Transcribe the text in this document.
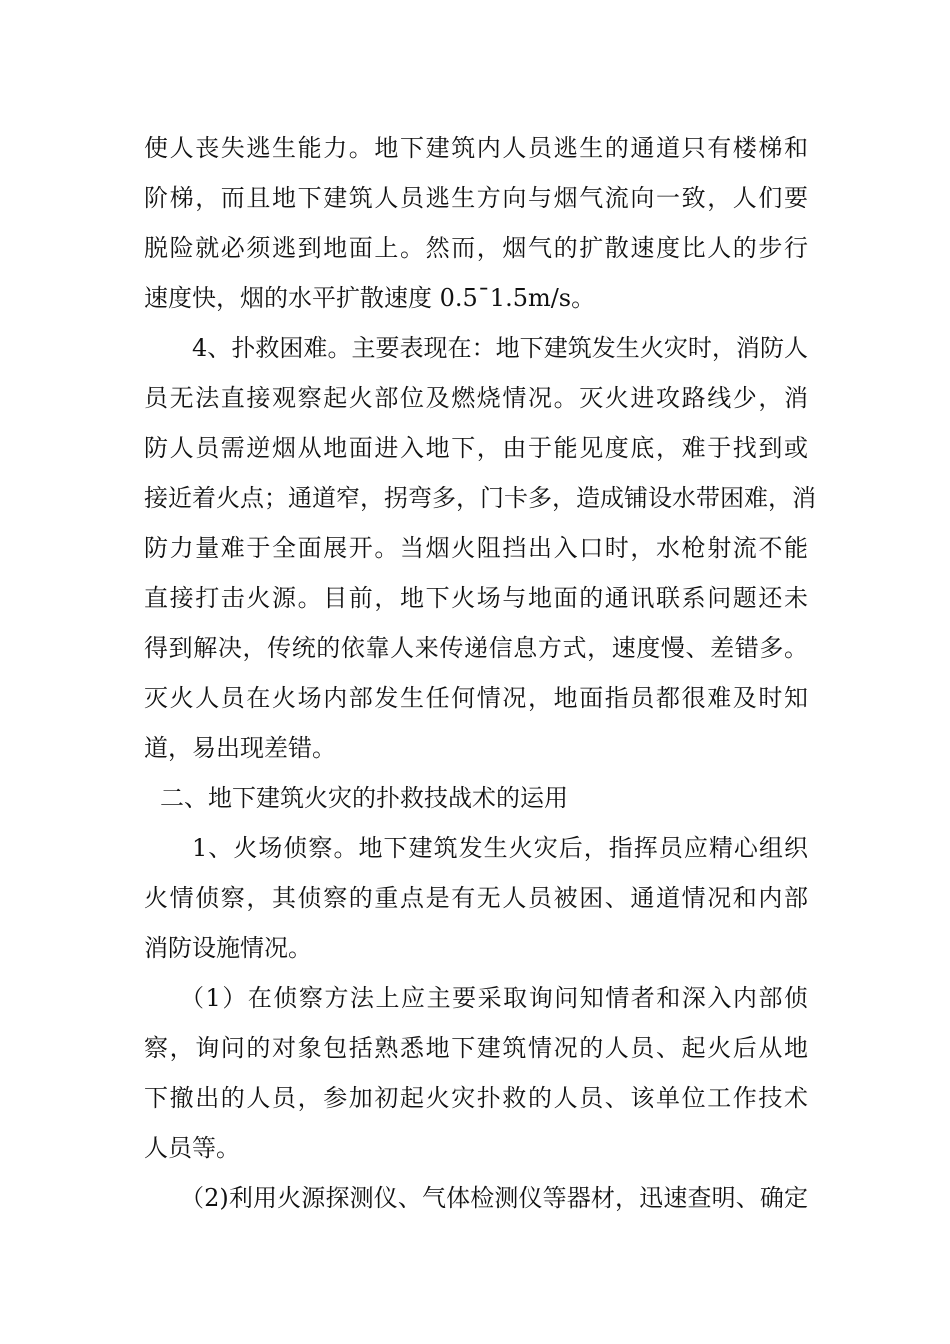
使人丧失逃生能力。地下建筑内人员逃生的通道只有楼梯和
阶梯，而且地下建筑人员逃生方向与烟气流向一致，人们要
脱险就必须逃到地面上。然而，烟气的扩散速度比人的步行
速度快，烟的水平扩散速度 0.5¯1.5m/s。
4、扑救困难。主要表现在：地下建筑发生火灾时，消防人
员无法直接观察起火部位及燃烧情况。灭火进攻路线少，消
防人员需逆烟从地面进入地下，由于能见度底，难于找到或
接近着火点；通道窄，拐弯多，门卡多，造成铺设水带困难，消
防力量难于全面展开。当烟火阻挡出入口时，水枪射流不能
直接打击火源。目前，地下火场与地面的通讯联系问题还未
得到解决，传统的依靠人来传递信息方式，速度慢、差错多。
灭火人员在火场内部发生任何情况，地面指员都很难及时知
道，易出现差错。
二、地下建筑火灾的扑救技战术的运用
1、火场侦察。地下建筑发生火灾后，指挥员应精心组织
火情侦察，其侦察的重点是有无人员被困、通道情况和内部
消防设施情况。
（1）在侦察方法上应主要采取询问知情者和深入内部侦
察，询问的对象包括熟悉地下建筑情况的人员、起火后从地
下撤出的人员，参加初起火灾扑救的人员、该单位工作技术
人员等。
（2)利用火源探测仪、气体检测仪等器材，迅速查明、确定
